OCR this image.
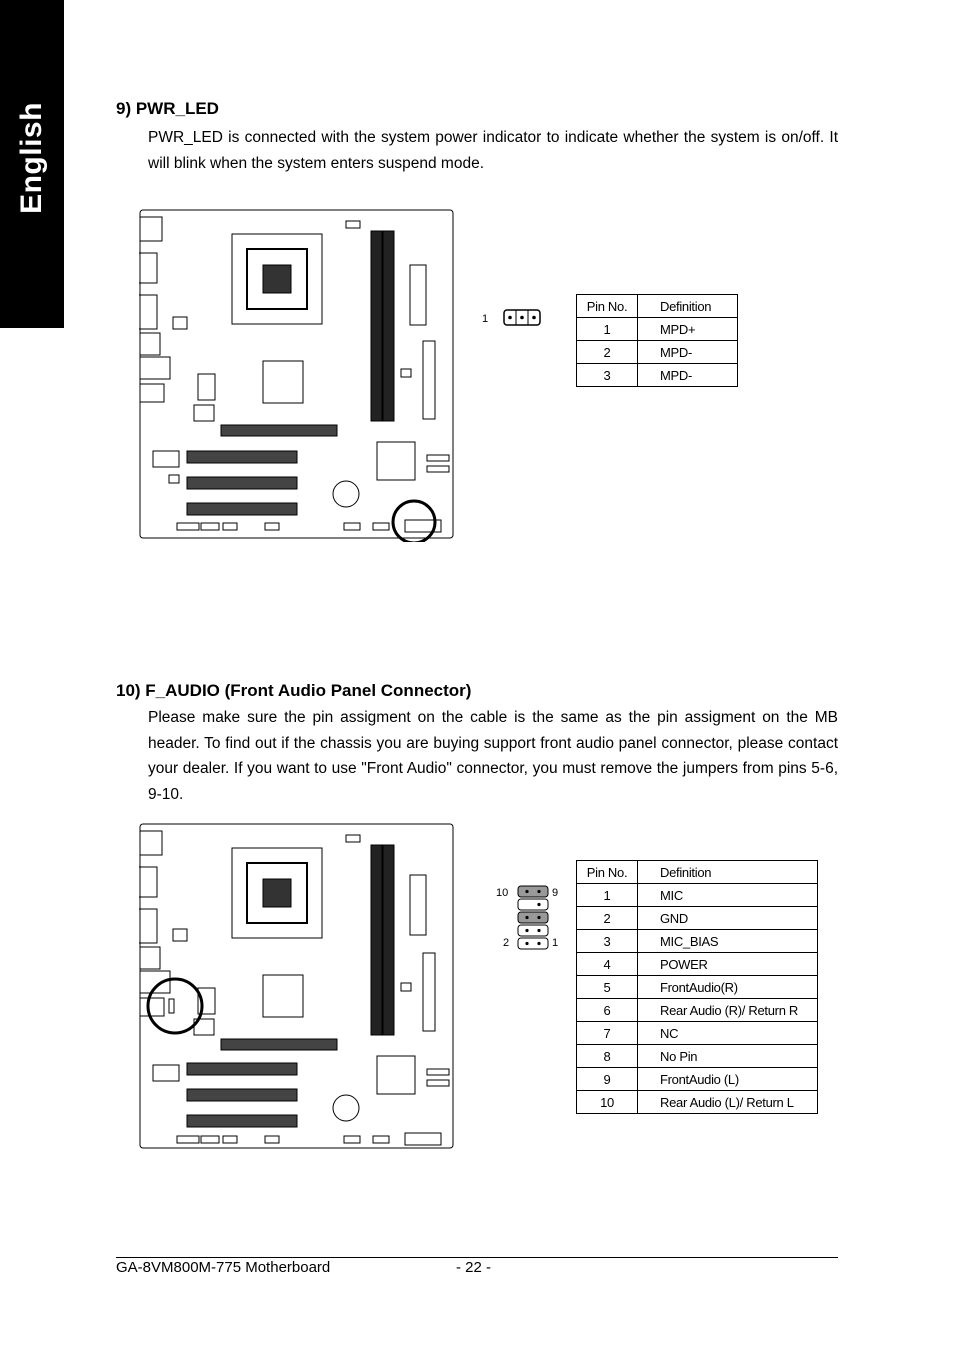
English	9) PWR_LED

PWR_LED is connected with the system power indicator to indicate whether the system is on/off. It will blink when the system enters suspend mode.

1
Pin No.	Definition
1	MPD+
2	MPD-
3	MPD-
10) F_AUDIO (Front Audio Panel Connector)

Please make sure the pin assigment on the cable is the same as the pin assigment on the MB header. To find out if the chassis you are buying support front audio panel connector, please contact your dealer. If you want to use "Front Audio" connector, you must remove the jumpers from pins 5-6, 9-10.

10	9
2	1
Pin No.	Definition
1	MIC
2	GND
3	MIC_BIAS
4	POWER
5	FrontAudio(R)
6	Rear Audio (R)/ Return R
7	NC
8	No Pin
9	FrontAudio (L)
10	Rear Audio (L)/ Return L
GA-8VM800M-775 Motherboard	- 22 -
